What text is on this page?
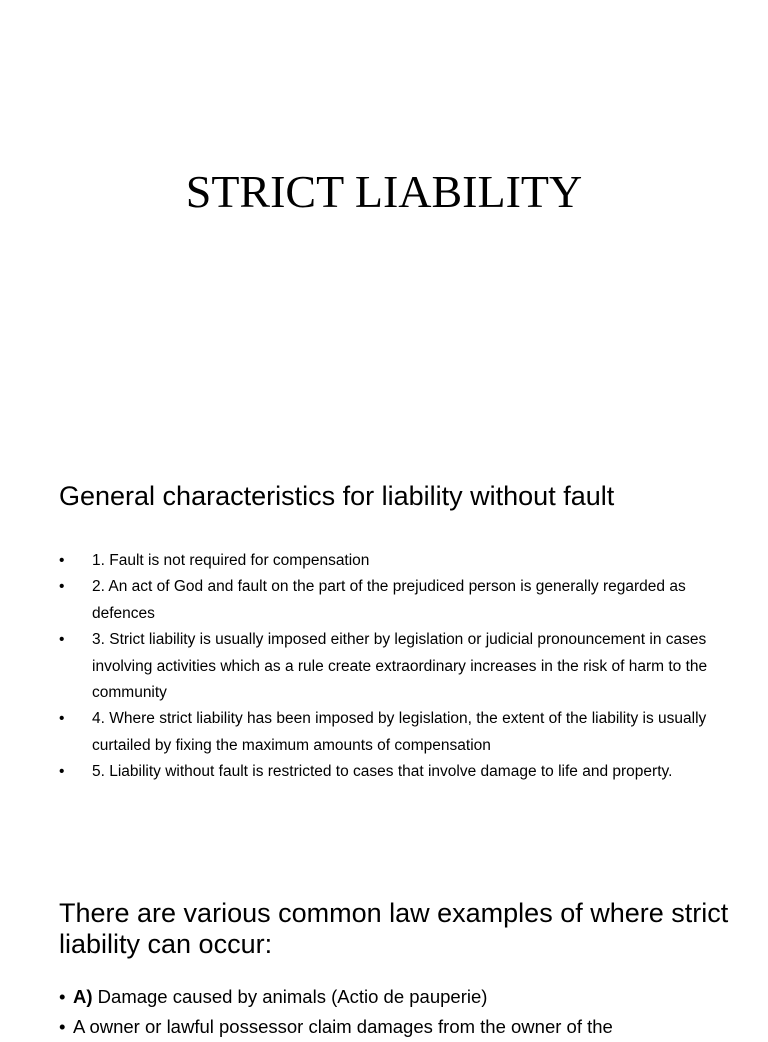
STRICT LIABILITY
General characteristics for liability without fault
•	1. Fault is not required for compensation
•	2. An act of God and fault on the part of the prejudiced person is generally regarded as defences
•	3. Strict liability is usually imposed either by legislation or judicial pronouncement in cases involving activities which as a rule create extraordinary increases in the risk of harm to the community
•	4. Where strict liability has been imposed by legislation, the extent of the liability is usually curtailed by fixing the maximum amounts of compensation
•	5. Liability without fault is restricted to cases that involve damage to life and property.
There are various common law examples of where strict liability can occur:
• A) Damage caused by animals (Actio de pauperie)
• A owner or lawful possessor claim damages from the owner of the
